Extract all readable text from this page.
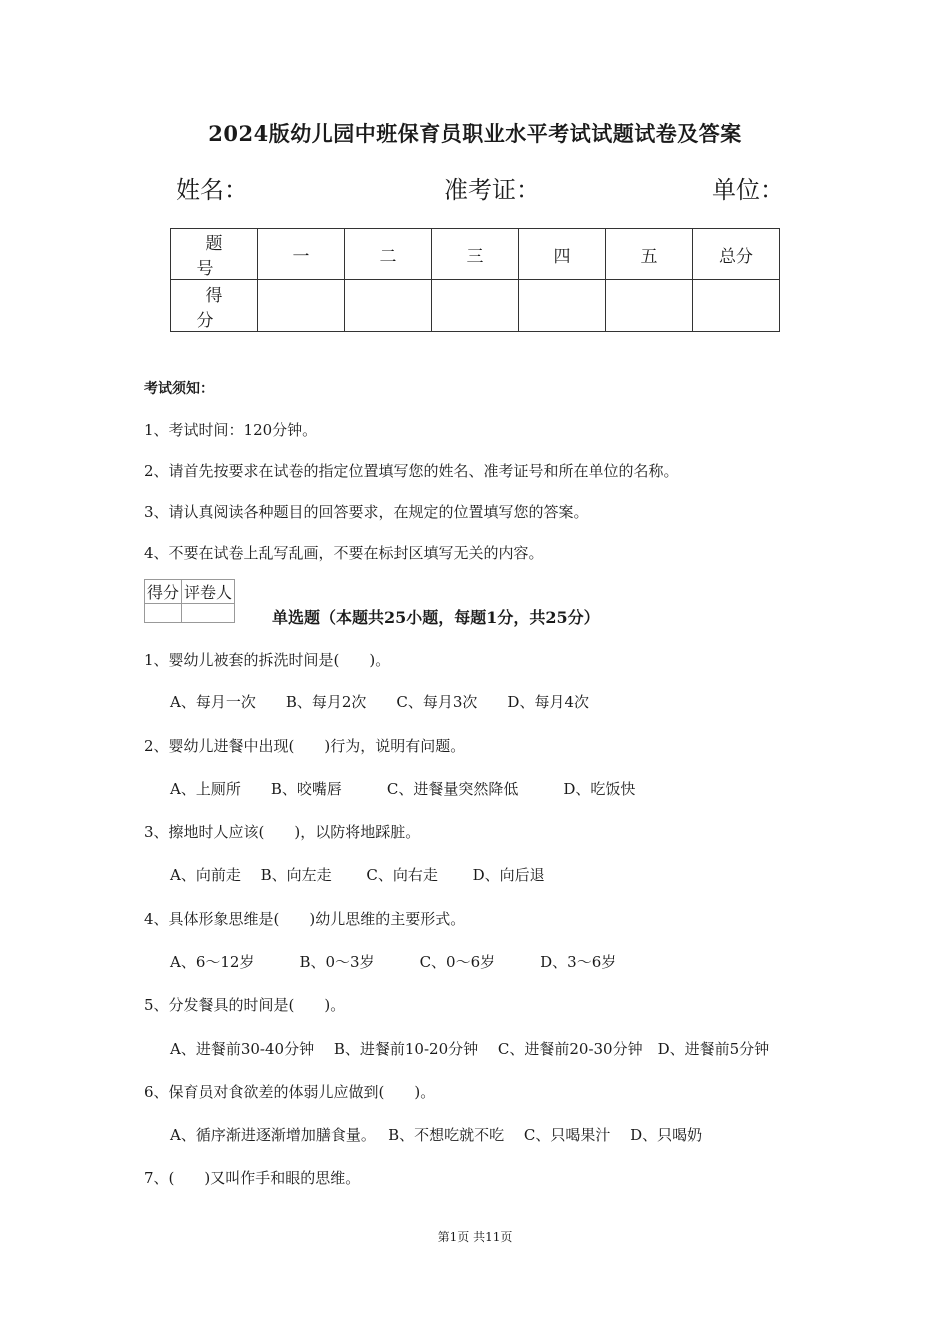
2024版幼儿园中班保育员职业水平考试试题试卷及答案
姓名：	准考证：	单位：
题 号	一	二	三	四	五	总分
得 分						
考试须知：
1、考试时间：120分钟。
2、请首先按要求在试卷的指定位置填写您的姓名、准考证号和所在单位的名称。
3、请认真阅读各种题目的回答要求，在规定的位置填写您的答案。
4、不要在试卷上乱写乱画，不要在标封区填写无关的内容。
得分	评卷人

单选题（本题共25小题，每题1分，共25分）
1、婴幼儿被套的拆洗时间是(　　)。
A、每月一次　　B、每月2次　　C、每月3次　　D、每月4次
2、婴幼儿进餐中出现(　　)行为，说明有问题。
A、上厕所　　B、咬嘴唇　　　C、进餐量突然降低　　　D、吃饭快
3、擦地时人应该(　　)，以防将地踩脏。
A、向前走　 B、向左走　　 C、向右走　　 D、向后退
4、具体形象思维是(　　)幼儿思维的主要形式。
A、6～12岁　　　B、0～3岁　　　C、0～6岁　　　D、3～6岁
5、分发餐具的时间是(　　)。
A、进餐前30-40分钟　 B、进餐前10-20分钟　 C、进餐前20-30分钟　D、进餐前5分钟
6、保育员对食欲差的体弱儿应做到(　　)。
A、循序渐进逐渐增加膳食量。　 B、不想吃就不吃　 C、只喝果汁　 D、只喝奶
7、(　　)又叫作手和眼的思维。
第1页 共11页
